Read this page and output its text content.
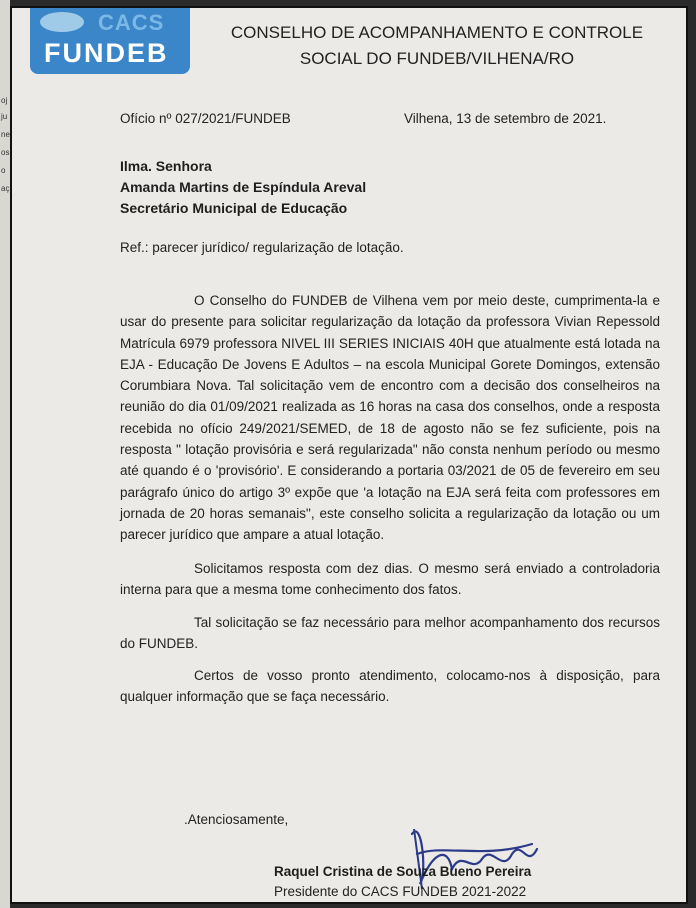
oj
ju
ne
os
o
aç
CACS
FUNDEB
CONSELHO DE ACOMPANHAMENTO E CONTROLE
SOCIAL DO FUNDEB/VILHENA/RO
Ofício nº 027/2021/FUNDEB	Vilhena, 13 de setembro de 2021.
Ilma. Senhora
Amanda Martins de Espíndula Areval
Secretário Municipal de Educação
Ref.: parecer jurídico/ regularização de lotação.

O Conselho do FUNDEB de Vilhena vem por meio deste, cumprimenta-la e usar do presente para solicitar regularização da lotação da professora Vivian Repessold Matrícula 6979 professora NIVEL III SERIES INICIAIS 40H que atualmente está lotada na EJA - Educação De Jovens E Adultos – na escola Municipal Gorete Domingos, extensão Corumbiara Nova. Tal solicitação vem de encontro com a decisão dos conselheiros na reunião do dia 01/09/2021 realizada as 16 horas na casa dos conselhos, onde a resposta recebida no ofício 249/2021/SEMED, de 18 de agosto não se fez suficiente, pois na resposta " lotação provisória e será regularizada" não consta nenhum período ou mesmo até quando é o 'provisório'. E considerando a portaria 03/2021 de 05 de fevereiro em seu parágrafo único do artigo 3º expõe que 'a lotação na EJA será feita com professores em jornada de 20 horas semanais", este conselho solicita a regularização da lotação ou um parecer jurídico que ampare a atual lotação.

Solicitamos resposta com dez dias. O mesmo será enviado a controladoria interna para que a mesma tome conhecimento dos fatos.

Tal solicitação se faz necessário para melhor acompanhamento dos recursos do FUNDEB.

Certos de vosso pronto atendimento, colocamo-nos à disposição, para qualquer informação que se faça necessário.

.Atenciosamente,
Raquel Cristina de Souza Bueno Pereira
Presidente do CACS FUNDEB 2021-2022
